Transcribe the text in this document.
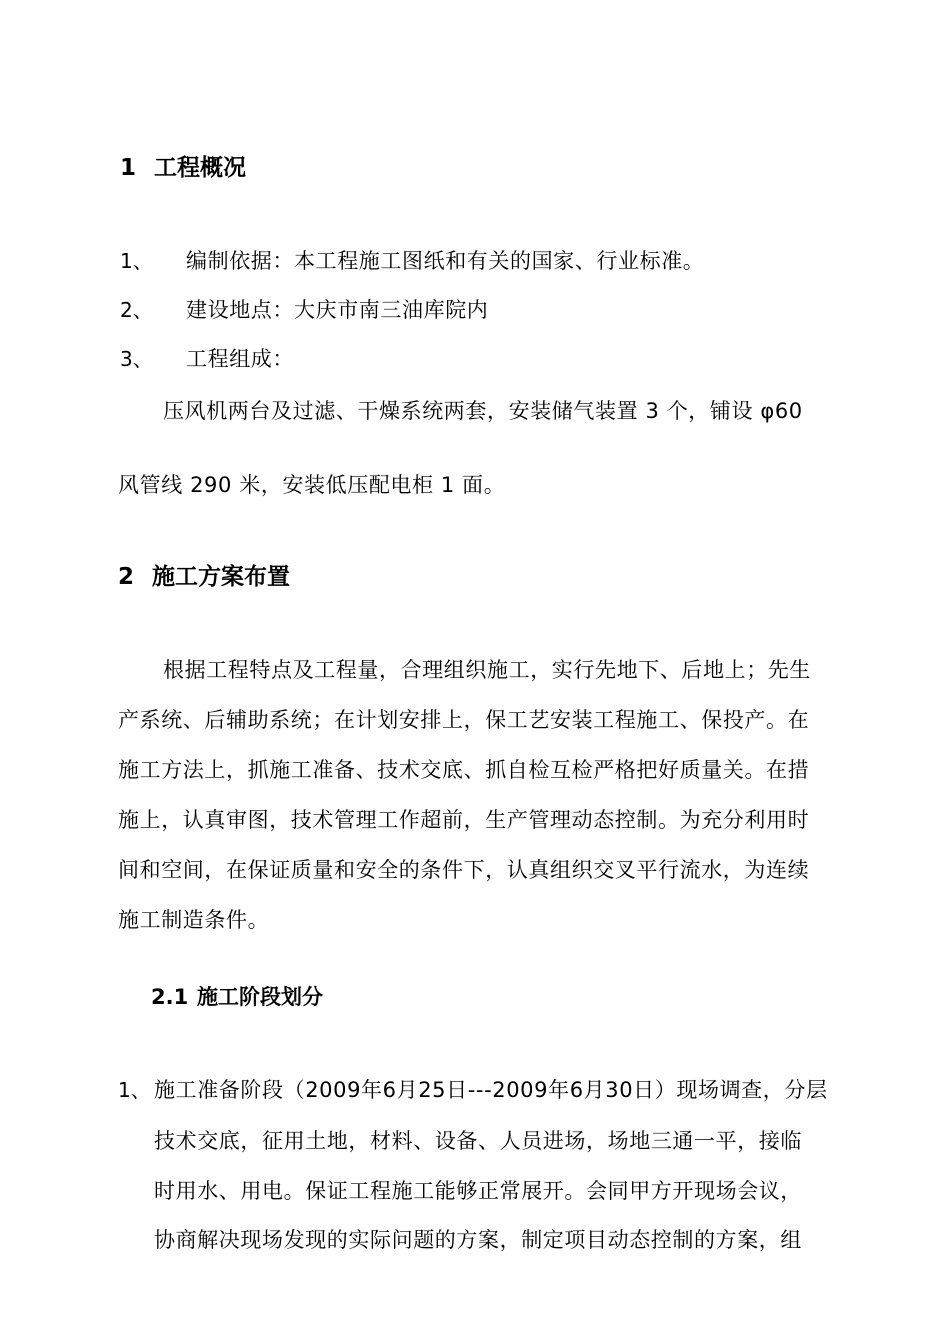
1 工程概况
1、 编制依据：本工程施工图纸和有关的国家、行业标准。
2、 建设地点：大庆市南三油库院内
3、 工程组成：
压风机两台及过滤、干燥系统两套，安装储气装置 3 个，铺设 φ60
风管线 290 米，安装低压配电柜 1 面。
2 施工方案布置
根据工程特点及工程量，合理组织施工，实行先地下、后地上；先生
产系统、后辅助系统；在计划安排上，保工艺安装工程施工、保投产。在
施工方法上，抓施工准备、技术交底、抓自检互检严格把好质量关。在措
施上，认真审图，技术管理工作超前，生产管理动态控制。为充分利用时
间和空间，在保证质量和安全的条件下，认真组织交叉平行流水，为连续
施工制造条件。
2.1 施工阶段划分
1、 施工准备阶段（2009年6月25日---2009年6月30日）现场调查，分层
技术交底，征用土地，材料、设备、人员进场，场地三通一平，接临
时用水、用电。保证工程施工能够正常展开。会同甲方开现场会议，
协商解决现场发现的实际问题的方案，制定项目动态控制的方案，组
